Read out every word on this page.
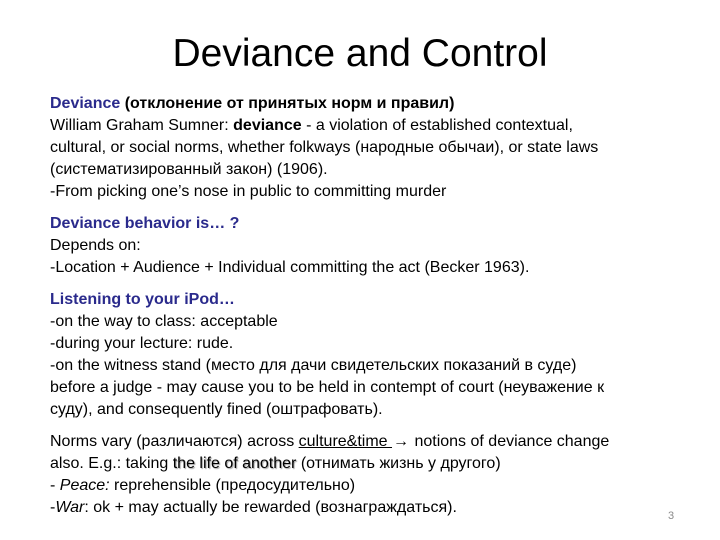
Deviance and Control
Deviance (отклонение от принятых норм и правил)
William Graham Sumner: deviance - a violation of established contextual,
cultural, or social norms, whether folkways (народные обычаи), or state laws
(систематизированный закон) (1906).
-From picking one’s nose in public to committing murder
Deviance behavior is… ?
Depends on:
-Location + Audience + Individual committing the act (Becker 1963).
Listening to your iPod…
-on the way to class: acceptable
-during your lecture: rude.
-on the witness stand (место для дачи свидетельских показаний в суде)
before a judge - may cause you to be held in contempt of court (неуважение к
суду), and consequently fined (оштрафовать).
Norms vary (различаются) across culture&time → notions of deviance change
also. E.g.: taking the life of another (отнимать жизнь у другого)
- Peace: reprehensible (предосудительно)
-War: ok + may actually be rewarded (вознаграждаться).	3
